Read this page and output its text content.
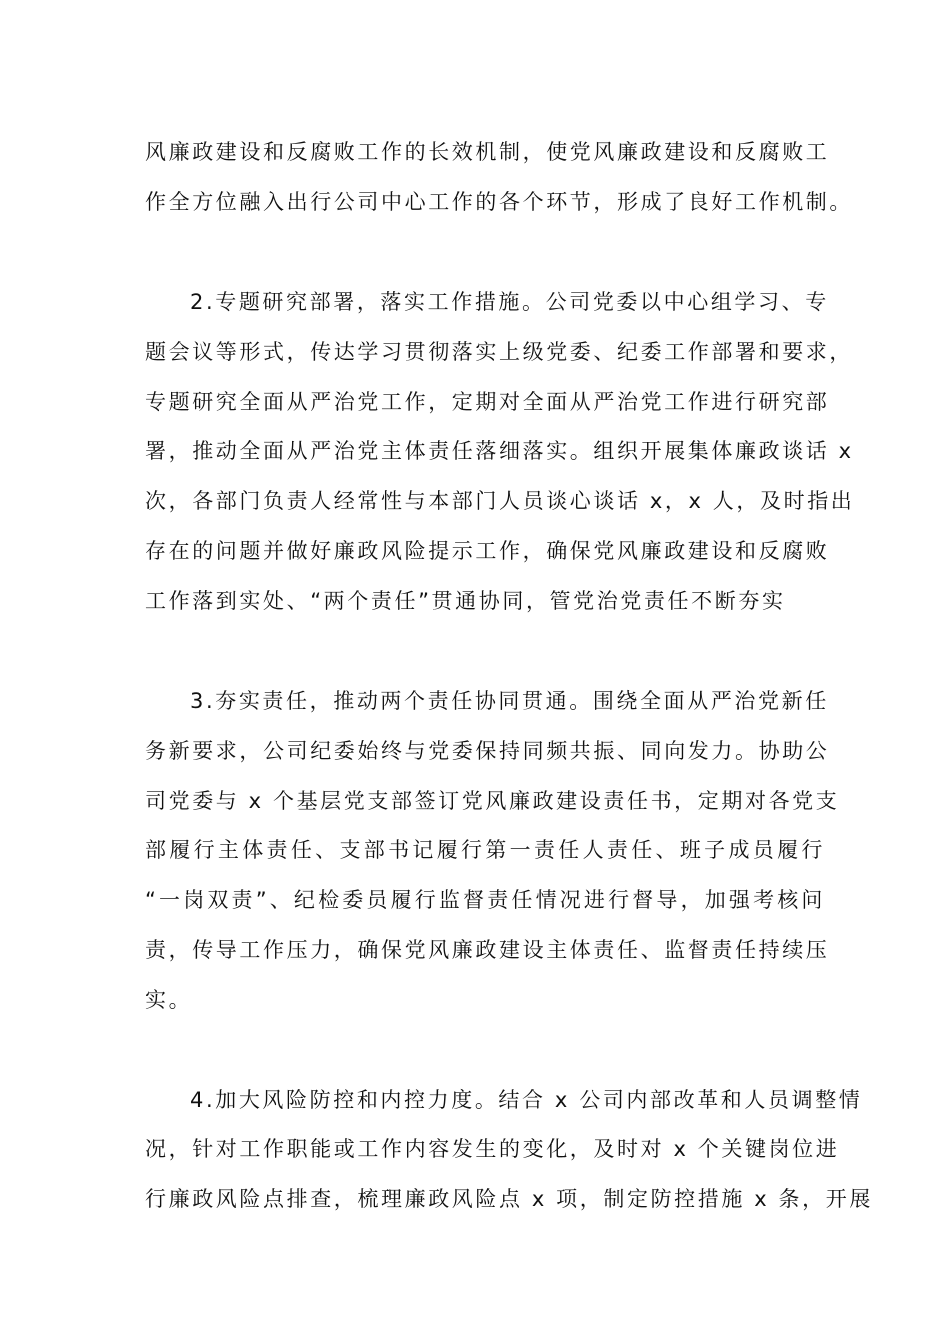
风廉政建设和反腐败工作的长效机制，使党风廉政建设和反腐败工
作全方位融入出行公司中心工作的各个环节，形成了良好工作机制。
2.专题研究部署，落实工作措施。公司党委以中心组学习、专
题会议等形式，传达学习贯彻落实上级党委、纪委工作部署和要求，
专题研究全面从严治党工作，定期对全面从严治党工作进行研究部
署，推动全面从严治党主体责任落细落实。组织开展集体廉政谈话 x
次，各部门负责人经常性与本部门人员谈心谈话 x，x 人，及时指出
存在的问题并做好廉政风险提示工作，确保党风廉政建设和反腐败
工作落到实处、“两个责任”贯通协同，管党治党责任不断夯实
3.夯实责任，推动两个责任协同贯通。围绕全面从严治党新任
务新要求，公司纪委始终与党委保持同频共振、同向发力。协助公
司党委与 x 个基层党支部签订党风廉政建设责任书，定期对各党支
部履行主体责任、支部书记履行第一责任人责任、班子成员履行
“一岗双责”、纪检委员履行监督责任情况进行督导，加强考核问
责，传导工作压力，确保党风廉政建设主体责任、监督责任持续压
实。
4.加大风险防控和内控力度。结合 x 公司内部改革和人员调整情
况，针对工作职能或工作内容发生的变化，及时对 x 个关键岗位进
行廉政风险点排查，梳理廉政风险点 x 项，制定防控措施 x 条，开展
